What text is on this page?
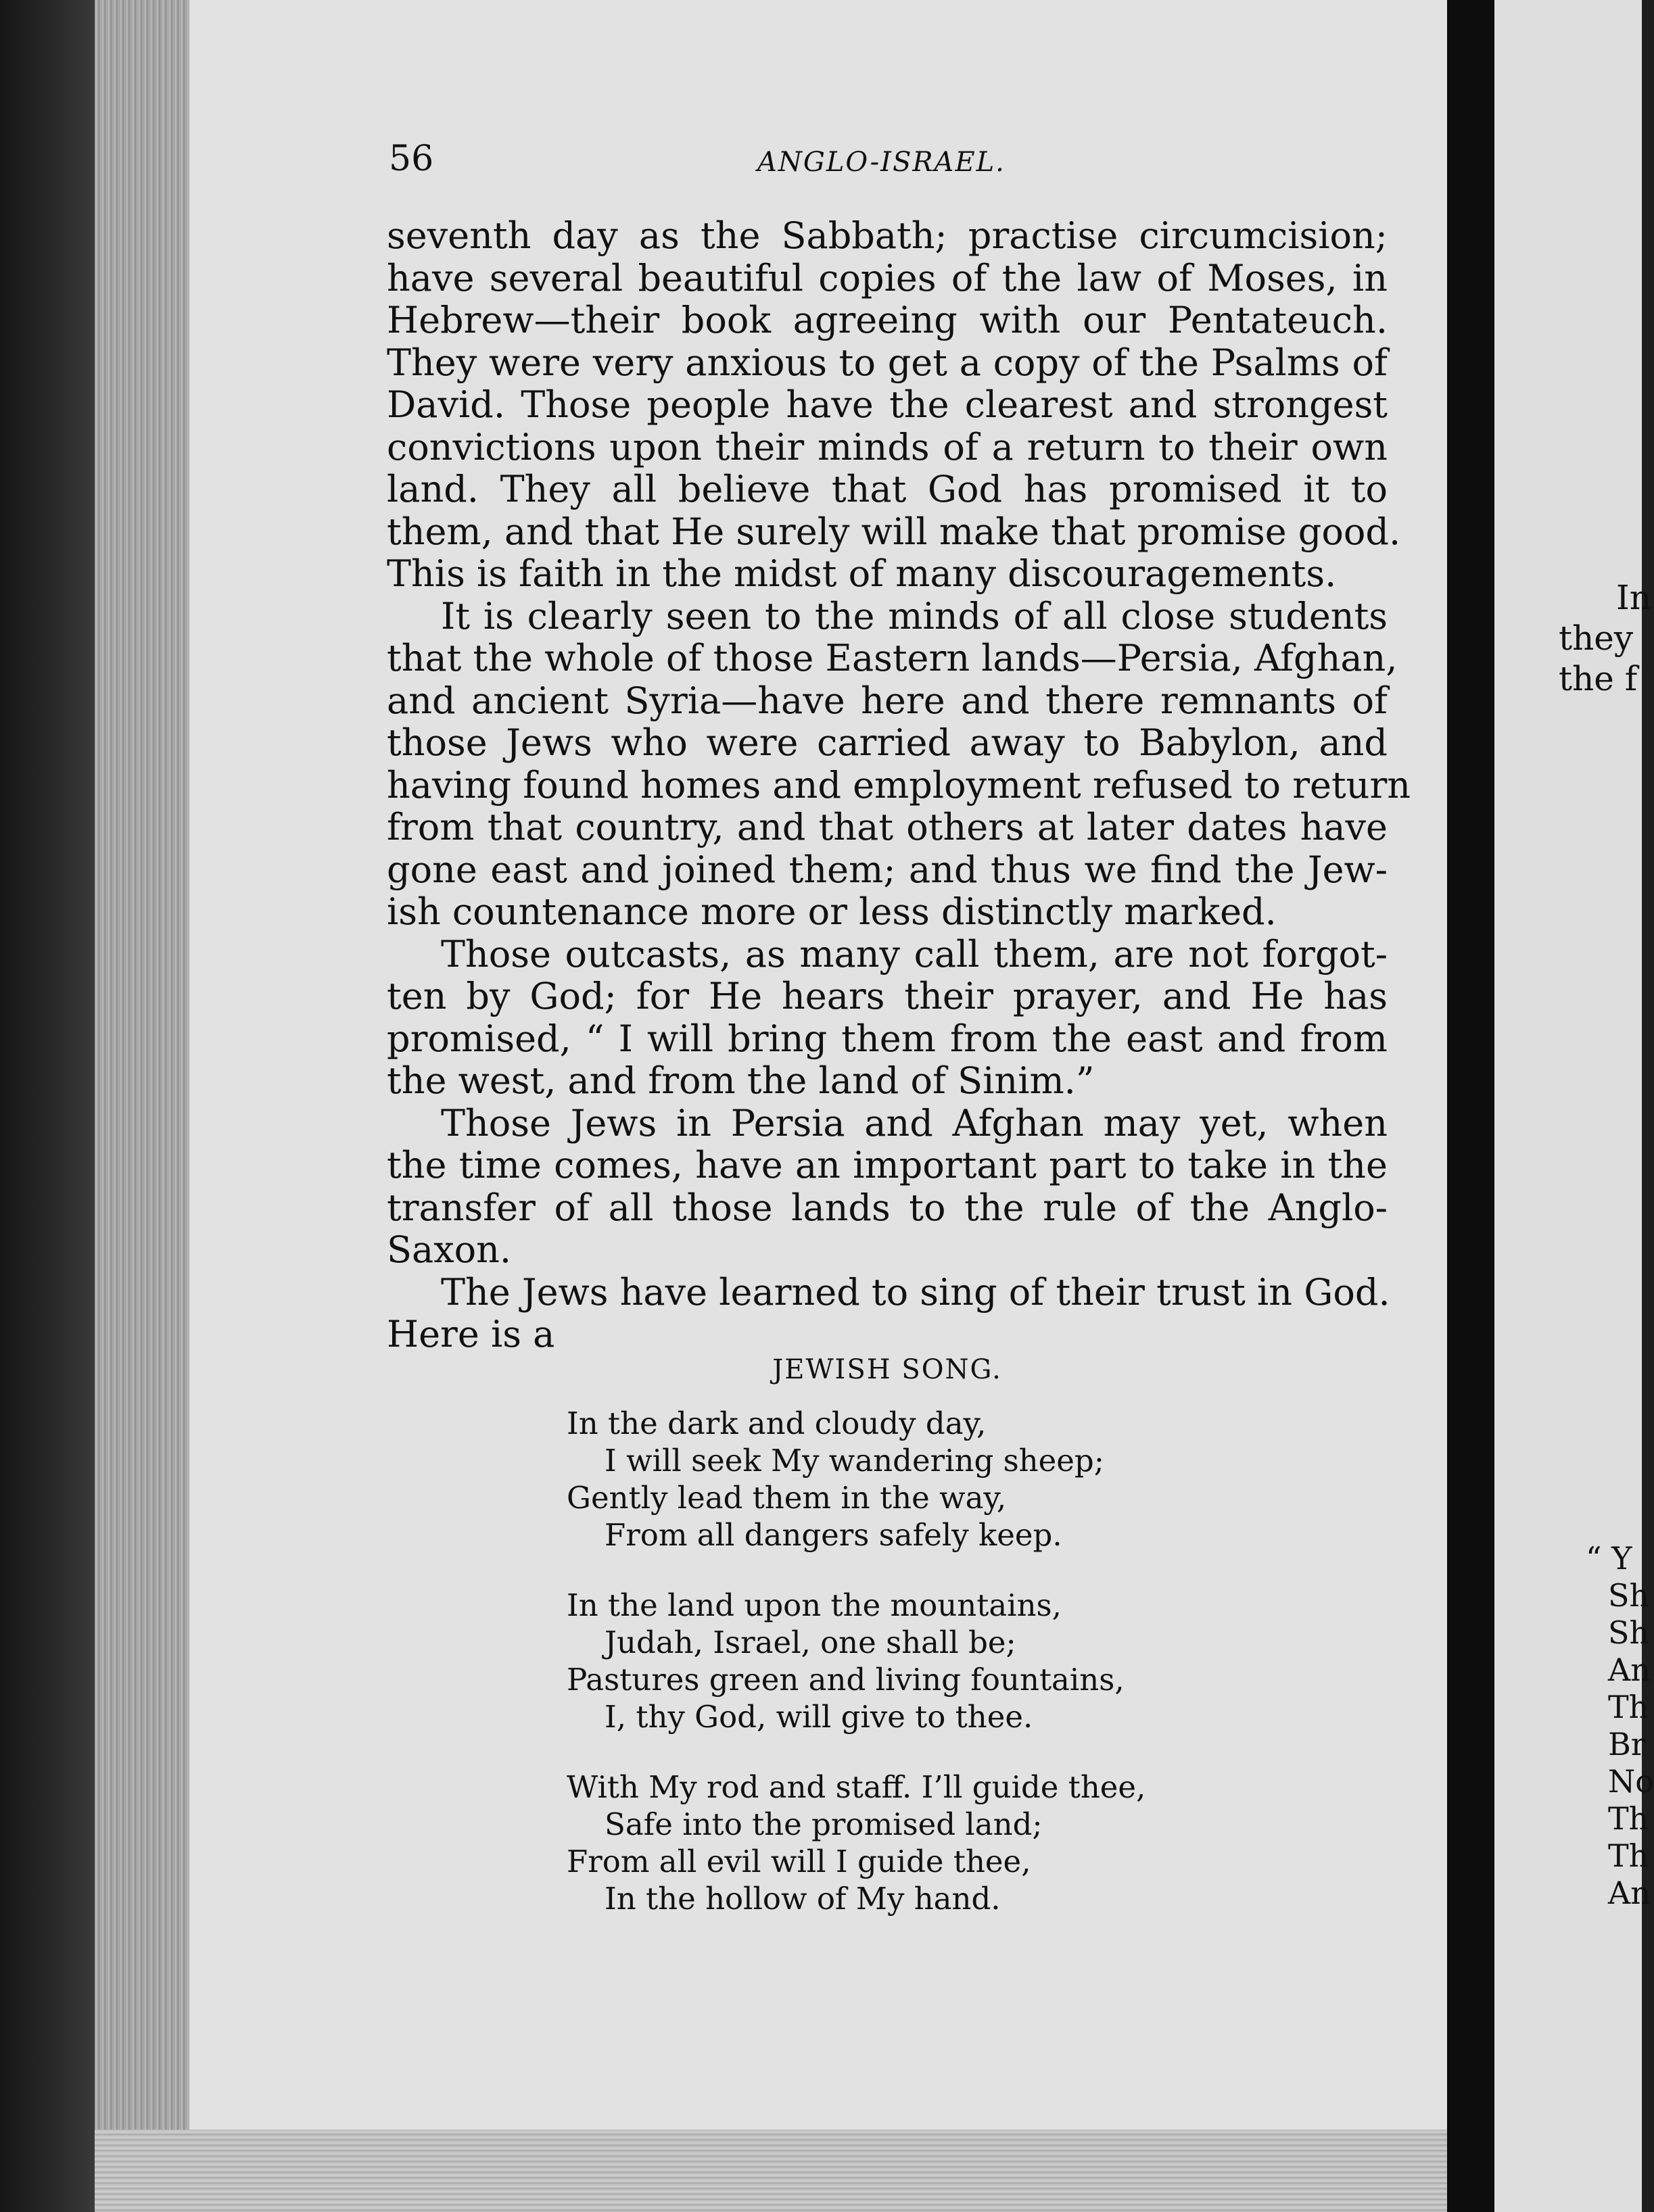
56	ANGLO-ISRAEL.
seventh day as the Sabbath; practise circumcision;
have several beautiful copies of the law of Moses, in
Hebrew—their book agreeing with our Pentateuch.
They were very anxious to get a copy of the Psalms of
David. Those people have the clearest and strongest
convictions upon their minds of a return to their own
land. They all believe that God has promised it to
them, and that He surely will make that promise good.
This is faith in the midst of many discouragements.
It is clearly seen to the minds of all close students
that the whole of those Eastern lands—Persia, Afghan,
and ancient Syria—have here and there remnants of
those Jews who were carried away to Babylon, and
having found homes and employment refused to return
from that country, and that others at later dates have
gone east and joined them; and thus we find the Jew-
ish countenance more or less distinctly marked.
Those outcasts, as many call them, are not forgot-
ten by God; for He hears their prayer, and He has
promised, “ I will bring them from the east and from
the west, and from the land of Sinim.”
Those Jews in Persia and Afghan may yet, when
the time comes, have an important part to take in the
transfer of all those lands to the rule of the Anglo-
Saxon.
The Jews have learned to sing of their trust in God.
Here is a
JEWISH SONG.
In the dark and cloudy day,
I will seek My wandering sheep;
Gently lead them in the way,
From all dangers safely keep.
In the land upon the mountains,
Judah, Israel, one shall be;
Pastures green and living fountains,
I, thy God, will give to thee.
With My rod and staff. I’ll guide thee,
Safe into the promised land;
From all evil will I guide thee,
In the hollow of My hand.
In
they
the f
“ Y
Sh
Sh
An
Th
Br
No
Th
Th
An
